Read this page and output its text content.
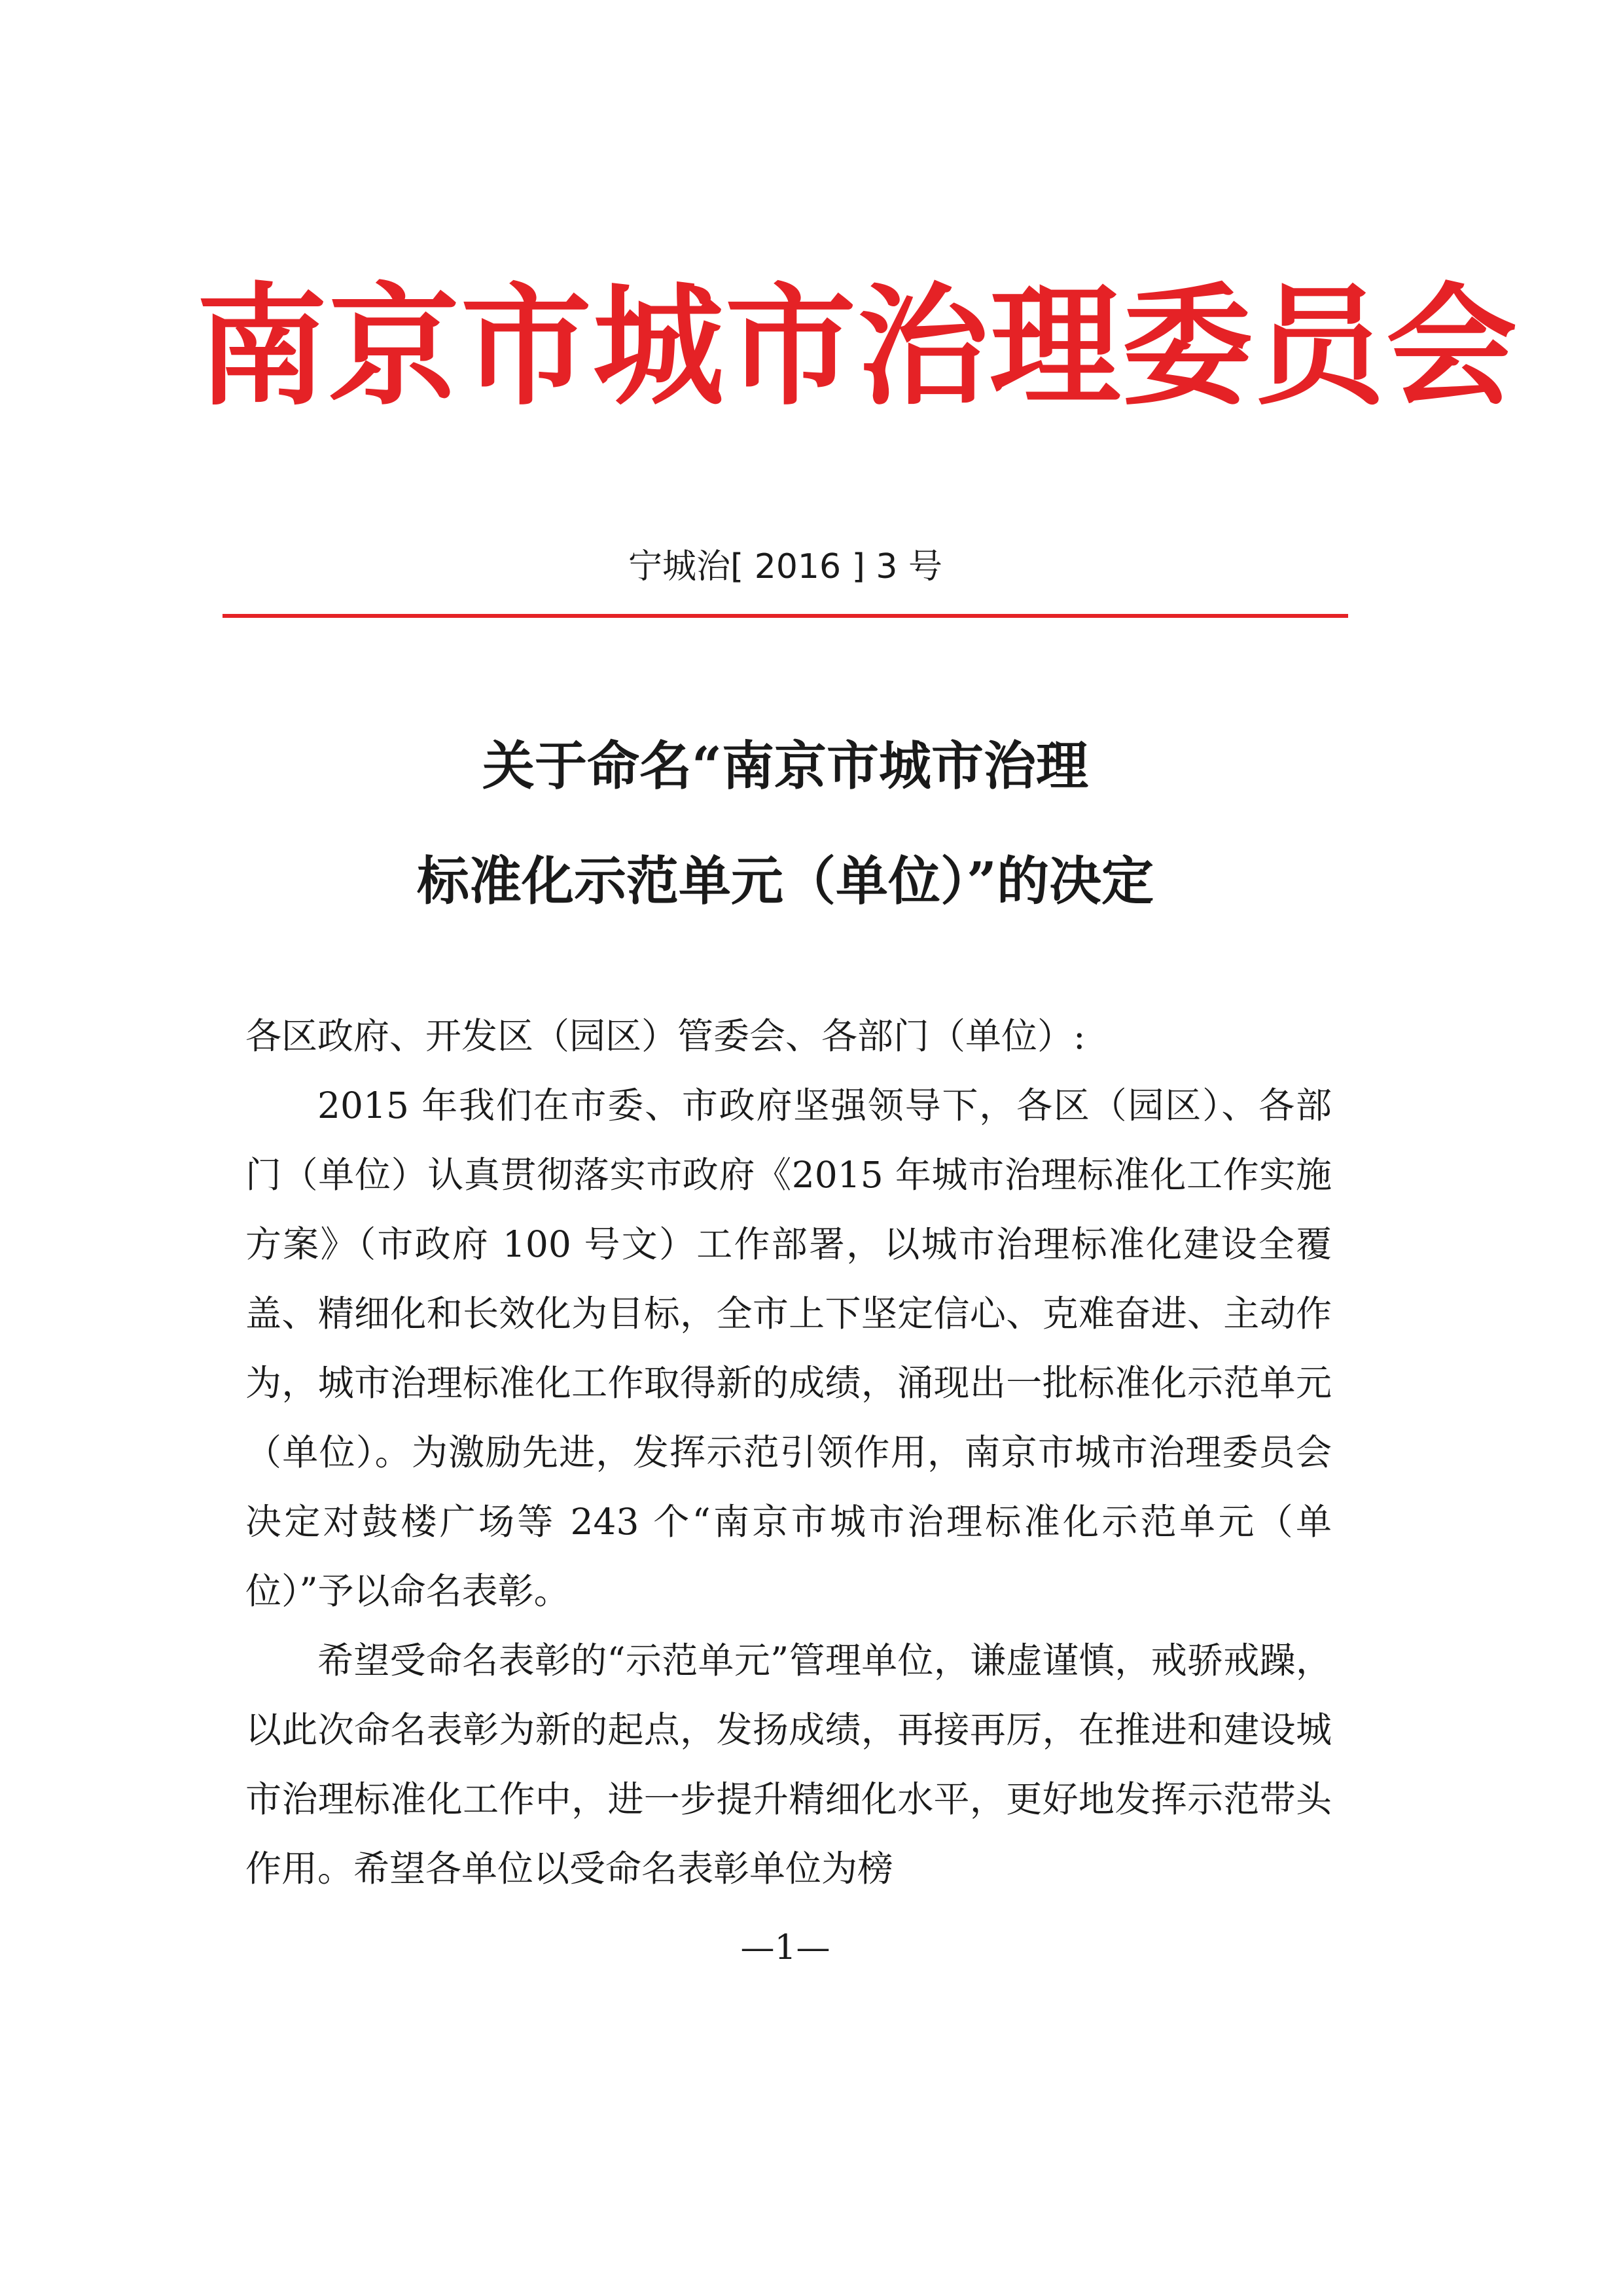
南京市城市治理委员会
宁城治[ 2016 ] 3 号
关于命名“南京市城市治理
标准化示范单元（单位）”的决定

各区政府、开发区（园区）管委会、各部门（单位）:

2015 年我们在市委、市政府坚强领导下，各区（园区）、各部门（单位）认真贯彻落实市政府《2015 年城市治理标准化工作实施方案》（市政府 100 号文）工作部署，以城市治理标准化建设全覆盖、精细化和长效化为目标，全市上下坚定信心、克难奋进、主动作为，城市治理标准化工作取得新的成绩，涌现出一批标准化示范单元（单位）。为激励先进，发挥示范引领作用，南京市城市治理委员会决定对鼓楼广场等 243 个“南京市城市治理标准化示范单元（单位）”予以命名表彰。

希望受命名表彰的“示范单元”管理单位，谦虚谨慎，戒骄戒躁，以此次命名表彰为新的起点，发扬成绩，再接再厉，在推进和建设城市治理标准化工作中，进一步提升精细化水平，更好地发挥示范带头作用。希望各单位以受命名表彰单位为榜

—1—
